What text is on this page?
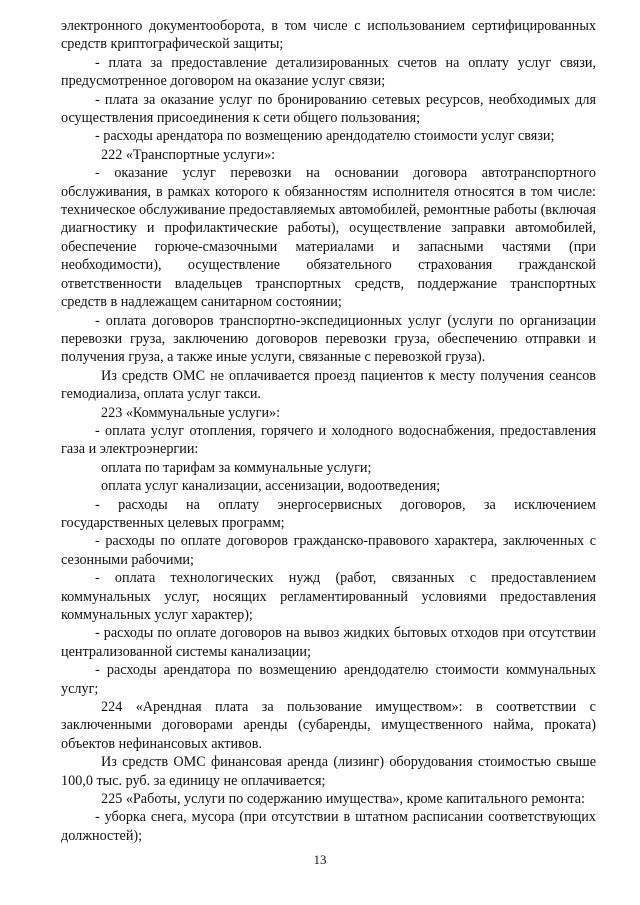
электронного документооборота, в том числе с использованием сертифицированных средств криптографической защиты;

- плата за предоставление детализированных счетов на оплату услуг связи, предусмотренное договором на оказание услуг связи;

- плата за оказание услуг по бронированию сетевых ресурсов, необходимых для осуществления присоединения к сети общего пользования;

- расходы арендатора по возмещению арендодателю стоимости услуг связи;

222 «Транспортные услуги»:

- оказание услуг перевозки на основании договора автотранспортного обслуживания, в рамках которого к обязанностям исполнителя относятся в том числе: техническое обслуживание предоставляемых автомобилей, ремонтные работы (включая диагностику и профилактические работы), осуществление заправки автомобилей, обеспечение горюче-смазочными материалами и запасными частями (при необходимости), осуществление обязательного страхования гражданской ответственности владельцев транспортных средств, поддержание транспортных средств в надлежащем санитарном состоянии;

- оплата договоров транспортно-экспедиционных услуг (услуги по организации перевозки груза, заключению договоров перевозки груза, обеспечению отправки и получения груза, а также иные услуги, связанные с перевозкой груза).

Из средств ОМС не оплачивается проезд пациентов к месту получения сеансов гемодиализа, оплата услуг такси.

223 «Коммунальные услуги»:

- оплата услуг отопления, горячего и холодного водоснабжения, предоставления газа и электроэнергии:

оплата по тарифам за коммунальные услуги;

оплата услуг канализации, ассенизации, водоотведения;

- расходы на оплату энергосервисных договоров, за исключением государственных целевых программ;

- расходы по оплате договоров гражданско-правового характера, заключенных с сезонными рабочими;

- оплата технологических нужд (работ, связанных с предоставлением коммунальных услуг, носящих регламентированный условиями предоставления коммунальных услуг характер);

- расходы по оплате договоров на вывоз жидких бытовых отходов при отсутствии централизованной системы канализации;

- расходы арендатора по возмещению арендодателю стоимости коммунальных услуг;

224 «Арендная плата за пользование имуществом»: в соответствии с заключенными договорами аренды (субаренды, имущественного найма, проката) объектов нефинансовых активов.

Из средств ОМС финансовая аренда (лизинг) оборудования стоимостью свыше 100,0 тыс. руб. за единицу не оплачивается;

225 «Работы, услуги по содержанию имущества», кроме капитального ремонта:

- уборка снега, мусора (при отсутствии в штатном расписании соответствующих должностей);

13
